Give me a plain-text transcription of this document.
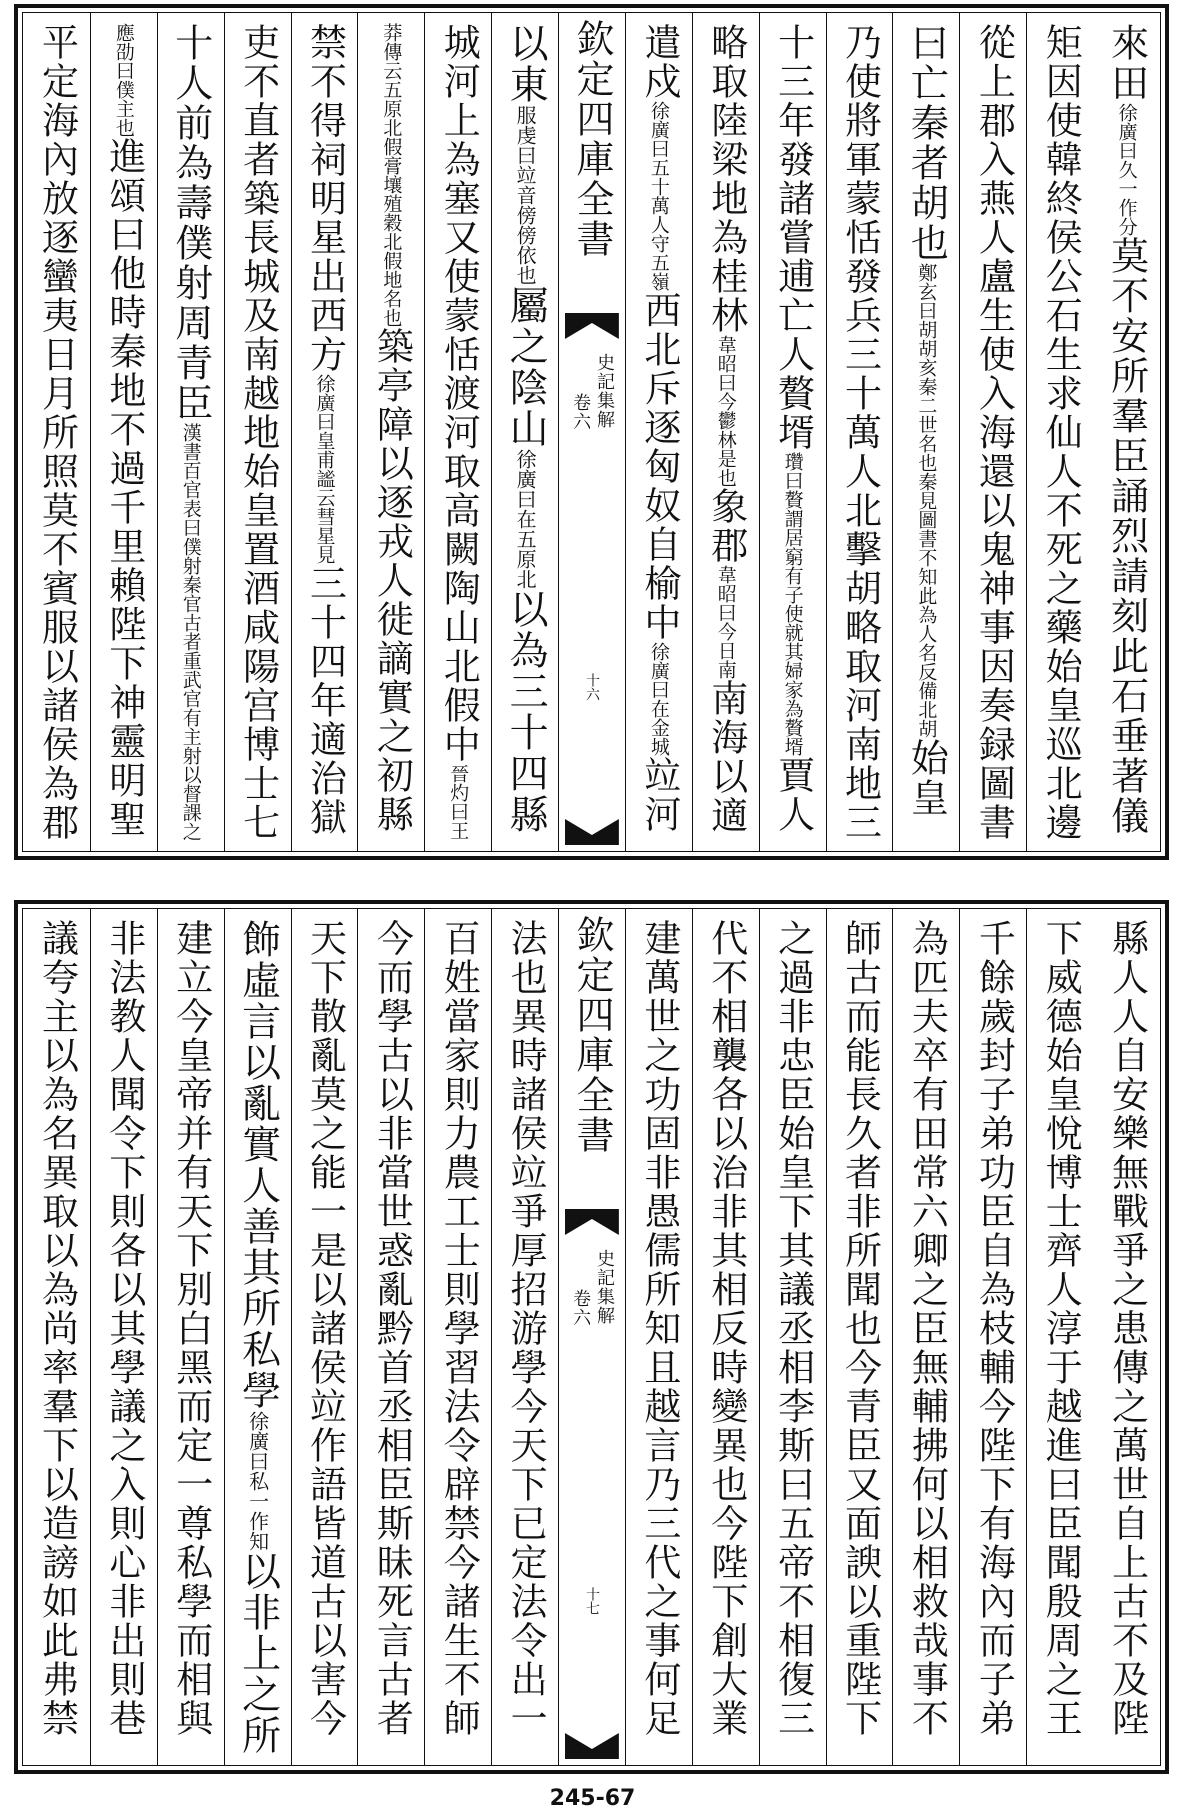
來田徐廣曰久一作分莫不安所羣臣誦烈請刻此石垂著儀
矩因使韓終侯公石生求仙人不死之藥始皇巡北邊
從上郡入燕人盧生使入海還以鬼神事因奏録圖書
曰亡秦者胡也鄭玄曰胡胡亥秦二世名也秦見圖書不知此為人名反備北胡始皇
乃使將軍蒙恬發兵三十萬人北擊胡略取河南地三
十三年發諸嘗逋亡人贅壻瓚曰贅謂居窮有子使就其婦家為贅壻賈人
略取陸梁地為桂林韋昭曰今鬱林是也象郡韋昭曰今日南南海以適
遣戍徐廣曰五十萬人守五嶺西北斥逐匈奴自榆中徐廣曰在金城竝河
欽定四庫全書
史記集解
卷六
十六
以東服虔曰竝音傍傍依也屬之陰山徐廣曰在五原北以為三十四縣
城河上為塞又使蒙恬渡河取高闕陶山北假中晉灼曰王
莽傳云五原北假膏壤殖穀北假地名也築亭障以逐戎人徙謫實之初縣
禁不得祠明星出西方徐廣曰皇甫謐云彗星見三十四年適治獄
吏不直者築長城及南越地始皇置酒咸陽宫博士七
十人前為壽僕射周青臣漢書百官表曰僕射秦官古者重武官有主射以督課之
應劭曰僕主也進頌曰他時秦地不過千里賴陛下神靈明聖
平定海內放逐蠻夷日月所照莫不賓服以諸侯為郡
縣人人自安樂無戰爭之患傳之萬世自上古不及陛
下威德始皇悅博士齊人淳于越進曰臣聞殷周之王
千餘歲封子弟功臣自為枝輔今陛下有海內而子弟
為匹夫卒有田常六卿之臣無輔拂何以相救哉事不
師古而能長久者非所聞也今青臣又面諛以重陛下
之過非忠臣始皇下其議丞相李斯曰五帝不相復三
代不相襲各以治非其相反時變異也今陛下創大業
建萬世之功固非愚儒所知且越言乃三代之事何足
欽定四庫全書
史記集解
卷六
十七
法也異時諸侯竝爭厚招游學今天下已定法令出一
百姓當家則力農工士則學習法令辟禁今諸生不師
今而學古以非當世惑亂黔首丞相臣斯昧死言古者
天下散亂莫之能一是以諸侯竝作語皆道古以害今
飾虛言以亂實人善其所私學徐廣曰私一作知以非上之所
建立今皇帝并有天下別白黑而定一尊私學而相與
非法教人聞令下則各以其學議之入則心非出則巷
議夸主以為名異取以為尚率羣下以造謗如此弗禁
245-67
